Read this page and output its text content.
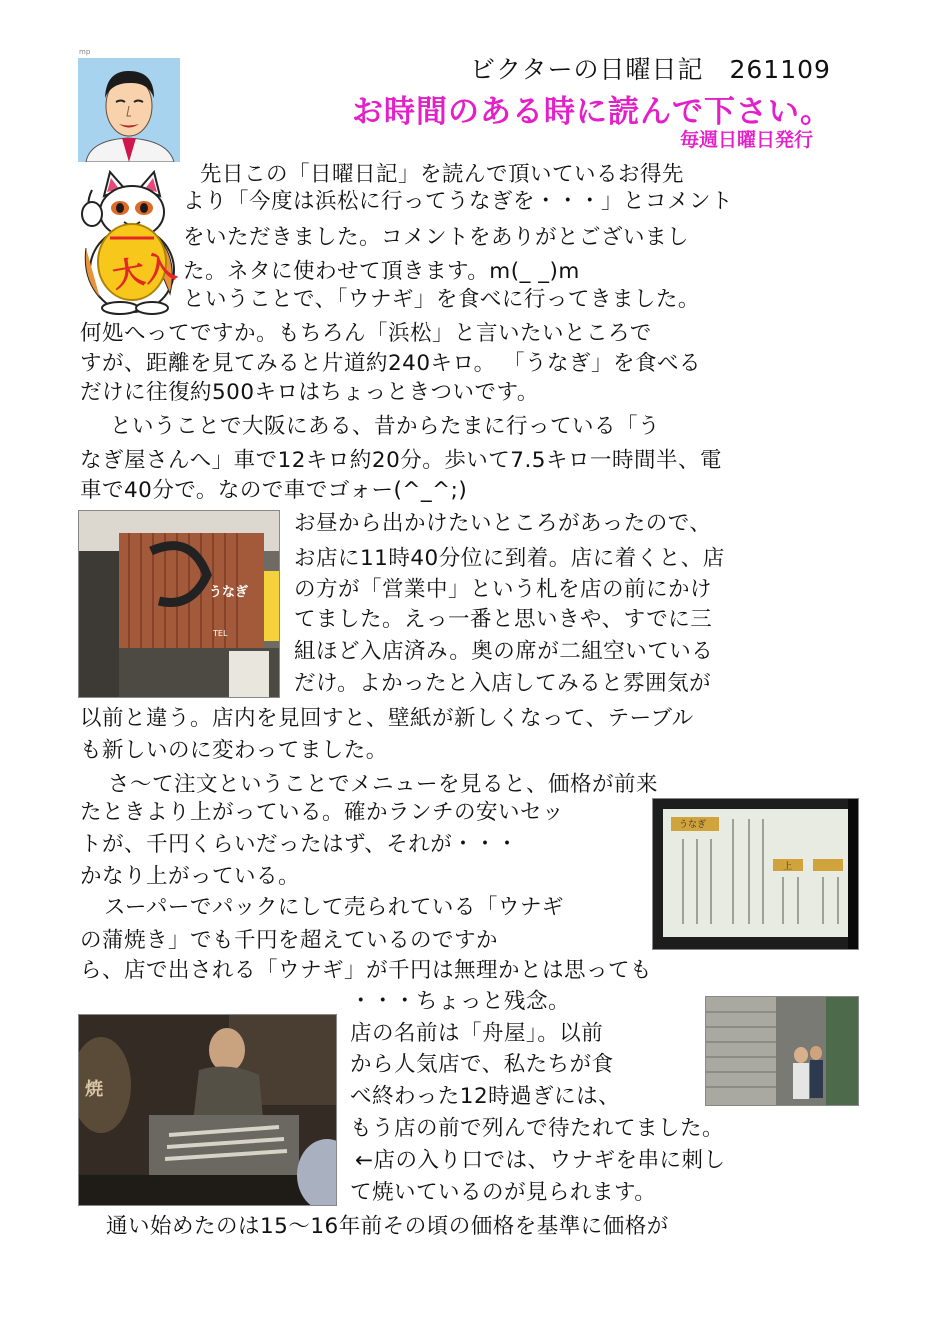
mp
ビクターの日曜日記　261109
お時間のある時に読んで下さい。
毎週日曜日発行
大入
先日この「日曜日記」を読んで頂いているお得先
より「今度は浜松に行ってうなぎを・・・」とコメント
をいただきました。コメントをありがとございまし
た。ネタに使わせて頂きます。m(_ _)m
ということで、「ウナギ」を食べに行ってきました。
何処へってですか。もちろん「浜松」と言いたいところで
すが、距離を見てみると片道約240キロ。 「うなぎ」を食べる
だけに往復約500キロはちょっときついです。
ということで大阪にある、昔からたまに行っている「う
なぎ屋さんへ」車で12キロ約20分。歩いて7.5キロ一時間半、電
車で40分で。なので車でゴォー(^_^;)
お昼から出かけたいところがあったので、
お店に11時40分位に到着。店に着くと、店
の方が「営業中」という札を店の前にかけ
てました。えっ一番と思いきや、すでに三
組ほど入店済み。奥の席が二組空いている
だけ。よかったと入店してみると雰囲気が
以前と違う。店内を見回すと、壁紙が新しくなって、テーブル
も新しいのに変わってました。
さ～て注文ということでメニューを見ると、価格が前来
たときより上がっている。確かランチの安いセッ
トが、千円くらいだったはず、それが・・・
かなり上がっている。
スーパーでパックにして売られている「ウナギ
の蒲焼き」でも千円を超えているのですか
ら、店で出される「ウナギ」が千円は無理かとは思っても
・・・ちょっと残念。
店の名前は「舟屋」。以前
から人気店で、私たちが食
べ終わった12時過ぎには、
もう店の前で列んで待たれてました。
←店の入り口では、ウナギを串に刺し
て焼いているのが見られます。
通い始めたのは15～16年前その頃の価格を基準に価格が
うなぎ
TEL
うなぎ
上
焼
